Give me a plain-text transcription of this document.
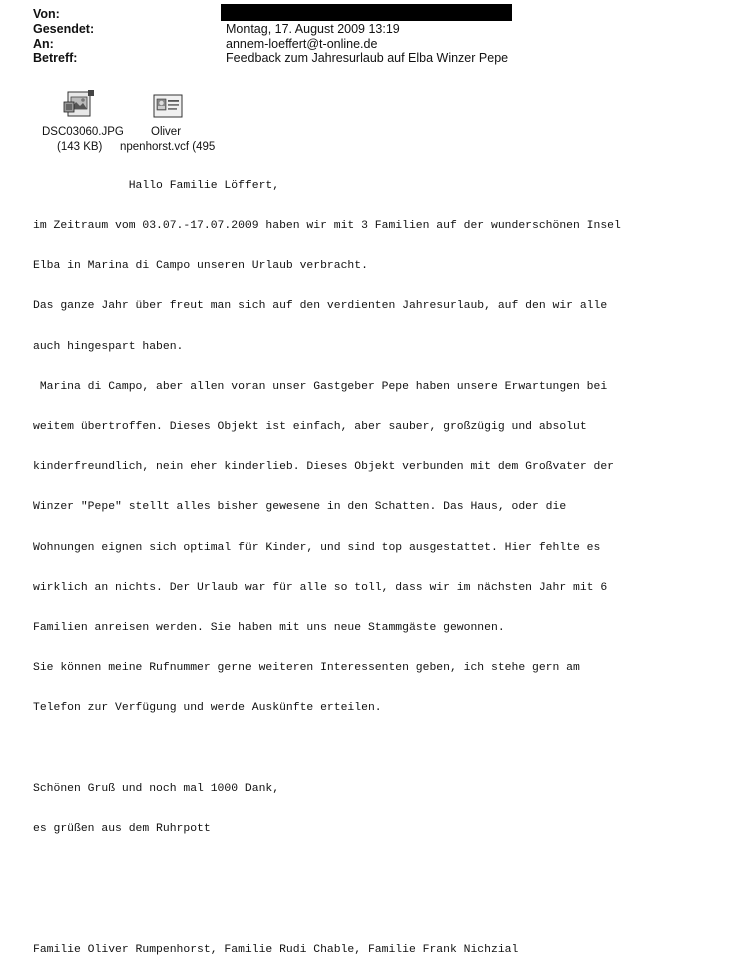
Von:
Gesendet:	Montag, 17. August 2009 13:19
An:	annem-loeffert@t-online.de
Betreff:	Feedback zum Jahresurlaub auf Elba Winzer Pepe
DSC03060.JPG
(143 KB)
Oliver
npenhorst.vcf (495

Hallo Familie Löffert,

im Zeitraum vom 03.07.-17.07.2009 haben wir mit 3 Familien auf der wunderschönen Insel

Elba in Marina di Campo unseren Urlaub verbracht.

Das ganze Jahr über freut man sich auf den verdienten Jahresurlaub, auf den wir alle

auch hingespart haben.

Marina di Campo, aber allen voran unser Gastgeber Pepe haben unsere Erwartungen bei

weitem übertroffen. Dieses Objekt ist einfach, aber sauber, großzügig und absolut

kinderfreundlich, nein eher kinderlieb. Dieses Objekt verbunden mit dem Großvater der

Winzer "Pepe" stellt alles bisher gewesene in den Schatten. Das Haus, oder die

Wohnungen eignen sich optimal für Kinder, und sind top ausgestattet. Hier fehlte es

wirklich an nichts. Der Urlaub war für alle so toll, dass wir im nächsten Jahr mit 6

Familien anreisen werden. Sie haben mit uns neue Stammgäste gewonnen.

Sie können meine Rufnummer gerne weiteren Interessenten geben, ich stehe gern am

Telefon zur Verfügung und werde Auskünfte erteilen.

Schönen Gruß und noch mal 1000 Dank,

es grüßen aus dem Ruhrpott

Familie Oliver Rumpenhorst, Familie Rudi Chable, Familie Frank Nichzial
